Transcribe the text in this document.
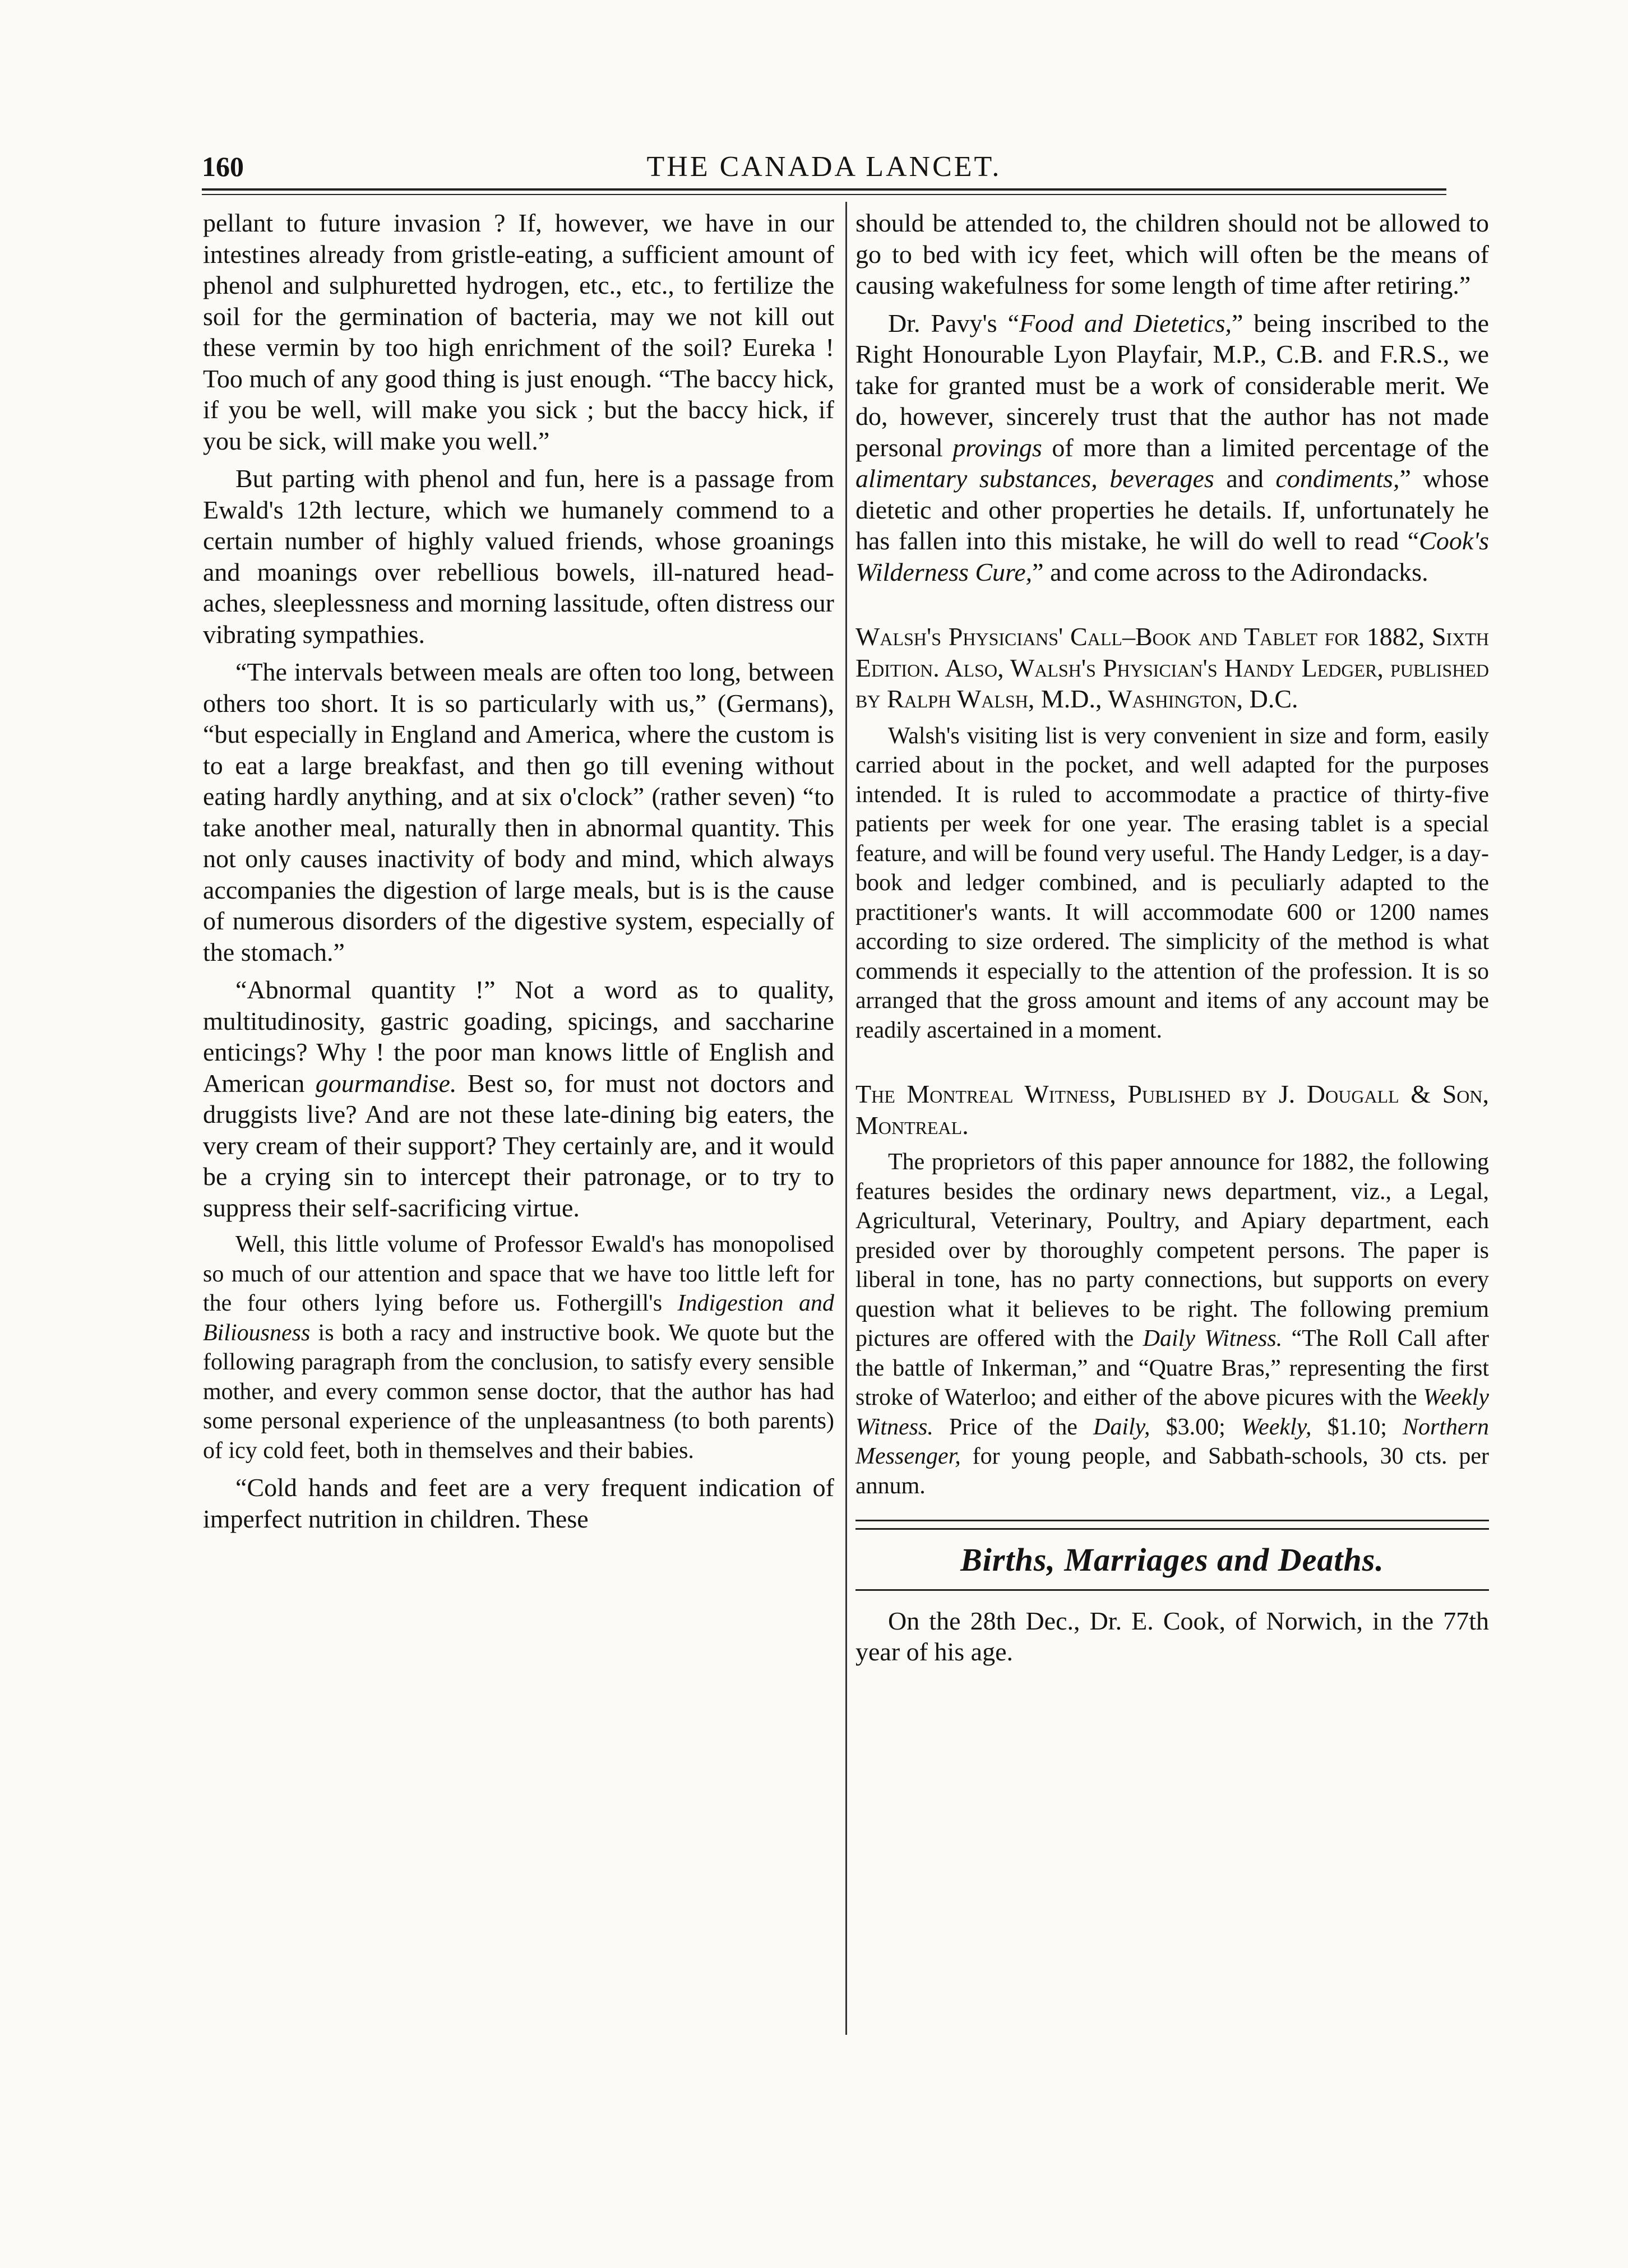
160	THE CANADA LANCET.

pellant to future invasion ? If, however, we have in our intestines already from gristle-eating, a sufficient amount of phenol and sulphuretted hydrogen, etc., etc., to fertilize the soil for the germination of bacteria, may we not kill out these vermin by too high enrichment of the soil? Eureka ! Too much of any good thing is just enough. “The baccy hick, if you be well, will make you sick ; but the baccy hick, if you be sick, will make you well.”

But parting with phenol and fun, here is a passage from Ewald's 12th lecture, which we humanely commend to a certain number of highly valued friends, whose groanings and moanings over rebellious bowels, ill-natured head-aches, sleeplessness and morning lassitude, often distress our vibrating sympathies.

“The intervals between meals are often too long, between others too short. It is so particularly with us,” (Germans), “but especially in England and America, where the custom is to eat a large breakfast, and then go till evening without eating hardly anything, and at six o'clock” (rather seven) “to take another meal, naturally then in abnormal quantity. This not only causes inactivity of body and mind, which always accompanies the digestion of large meals, but is is the cause of numerous disorders of the digestive system, especially of the stomach.”

“Abnormal quantity !” Not a word as to quality, multitudinosity, gastric goading, spicings, and saccharine enticings? Why ! the poor man knows little of English and American gourmandise. Best so, for must not doctors and druggists live? And are not these late-dining big eaters, the very cream of their support? They certainly are, and it would be a crying sin to intercept their patronage, or to try to suppress their self-sacrificing virtue.

Well, this little volume of Professor Ewald's has monopolised so much of our attention and space that we have too little left for the four others lying before us. Fothergill's Indigestion and Biliousness is both a racy and instructive book. We quote but the following paragraph from the conclusion, to satisfy every sensible mother, and every common sense doctor, that the author has had some personal experience of the unpleasantness (to both parents) of icy cold feet, both in themselves and their babies.

“Cold hands and feet are a very frequent indication of imperfect nutrition in children. These

should be attended to, the children should not be allowed to go to bed with icy feet, which will often be the means of causing wakefulness for some length of time after retiring.”

Dr. Pavy's “Food and Dietetics,” being inscribed to the Right Honourable Lyon Playfair, M.P., C.B. and F.R.S., we take for granted must be a work of considerable merit. We do, however, sincerely trust that the author has not made personal provings of more than a limited percentage of the alimentary substances, beverages and condiments,” whose dietetic and other properties he details. If, unfortunately he has fallen into this mistake, he will do well to read “Cook's Wilderness Cure,” and come across to the Adirondacks.

Walsh's Physicians' Call–Book and Tablet for 1882, Sixth Edition. Also, Walsh's Physician's Handy Ledger, published by Ralph Walsh, M.D., Washington, D.C.

Walsh's visiting list is very convenient in size and form, easily carried about in the pocket, and well adapted for the purposes intended. It is ruled to accommodate a practice of thirty-five patients per week for one year. The erasing tablet is a special feature, and will be found very useful. The Handy Ledger, is a day-book and ledger combined, and is peculiarly adapted to the practitioner's wants. It will accommodate 600 or 1200 names according to size ordered. The simplicity of the method is what commends it especially to the attention of the profession. It is so arranged that the gross amount and items of any account may be readily ascertained in a moment.

The Montreal Witness, Published by J. Dougall & Son, Montreal.

The proprietors of this paper announce for 1882, the following features besides the ordinary news department, viz., a Legal, Agricultural, Veterinary, Poultry, and Apiary department, each presided over by thoroughly competent persons. The paper is liberal in tone, has no party connections, but supports on every question what it believes to be right. The following premium pictures are offered with the Daily Witness. “The Roll Call after the battle of Inkerman,” and “Quatre Bras,” representing the first stroke of Waterloo; and either of the above picures with the Weekly Witness. Price of the Daily, $3.00; Weekly, $1.10; Northern Messenger, for young people, and Sabbath-schools, 30 cts. per annum.

Births, Marriages and Deaths.

On the 28th Dec., Dr. E. Cook, of Norwich, in the 77th year of his age.
